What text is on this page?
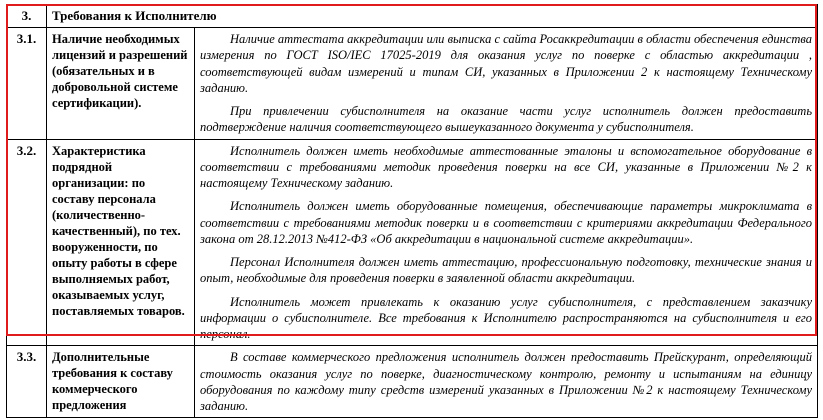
3.	Требования к Исполнителю	
3.1.	Наличие необходимых лицензий и разрешений (обязательных и в добровольной системе сертификации).	Наличие аттестата аккредитации или выписка с сайта Росаккредитации в области обеспечения единства измерения по ГОСТ ISO/IEC 17025-2019 для оказания услуг по поверке с областью аккредитации , соответствующей видам измерений и типам СИ, указанных в Приложении 2 к настоящему Техническому заданию.

При привлечении субисполнителя на оказание части услуг исполнитель должен предоставить подтверждение наличия соответствующего вышеуказанного документа у субисполнителя.

3.2.	Характеристика подрядной организации: по составу персонала (количественно-качественный), по тех. вооруженности, по опыту работы в сфере выполняемых работ, оказываемых услуг, поставляемых товаров.	Исполнитель должен иметь необходимые аттестованные эталоны и вспомогательное оборудование в соответствии с требованиями методик проведения поверки на все СИ, указанные в Приложении №2 к настоящему Техническому заданию.

Исполнитель должен иметь оборудованные помещения, обеспечивающие параметры микроклимата в соответствии с требованиями методик поверки и в соответствии с критериями аккредитации Федерального закона от 28.12.2013 №412-ФЗ «Об аккредитации в национальной системе аккредитации».

Персонал Исполнителя должен иметь аттестацию, профессиональную подготовку, технические знания и опыт, необходимые для проведения поверки в заявленной области аккредитации.

Исполнитель может привлекать к оказанию услуг субисполнителя, с представлением заказчику информации о субисполнителе. Все требования к Исполнителю распространяются на субисполнителя и его персонал.

3.3.	Дополнительные требования к составу коммерческого предложения	В составе коммерческого предложения исполнитель должен предоставить Прейскурант, определяющий стоимость оказания услуг по поверке, диагностическому контролю, ремонту и испытаниям на единицу оборудования по каждому типу средств измерений указанных в Приложении №2 к настоящему Техническому заданию.
